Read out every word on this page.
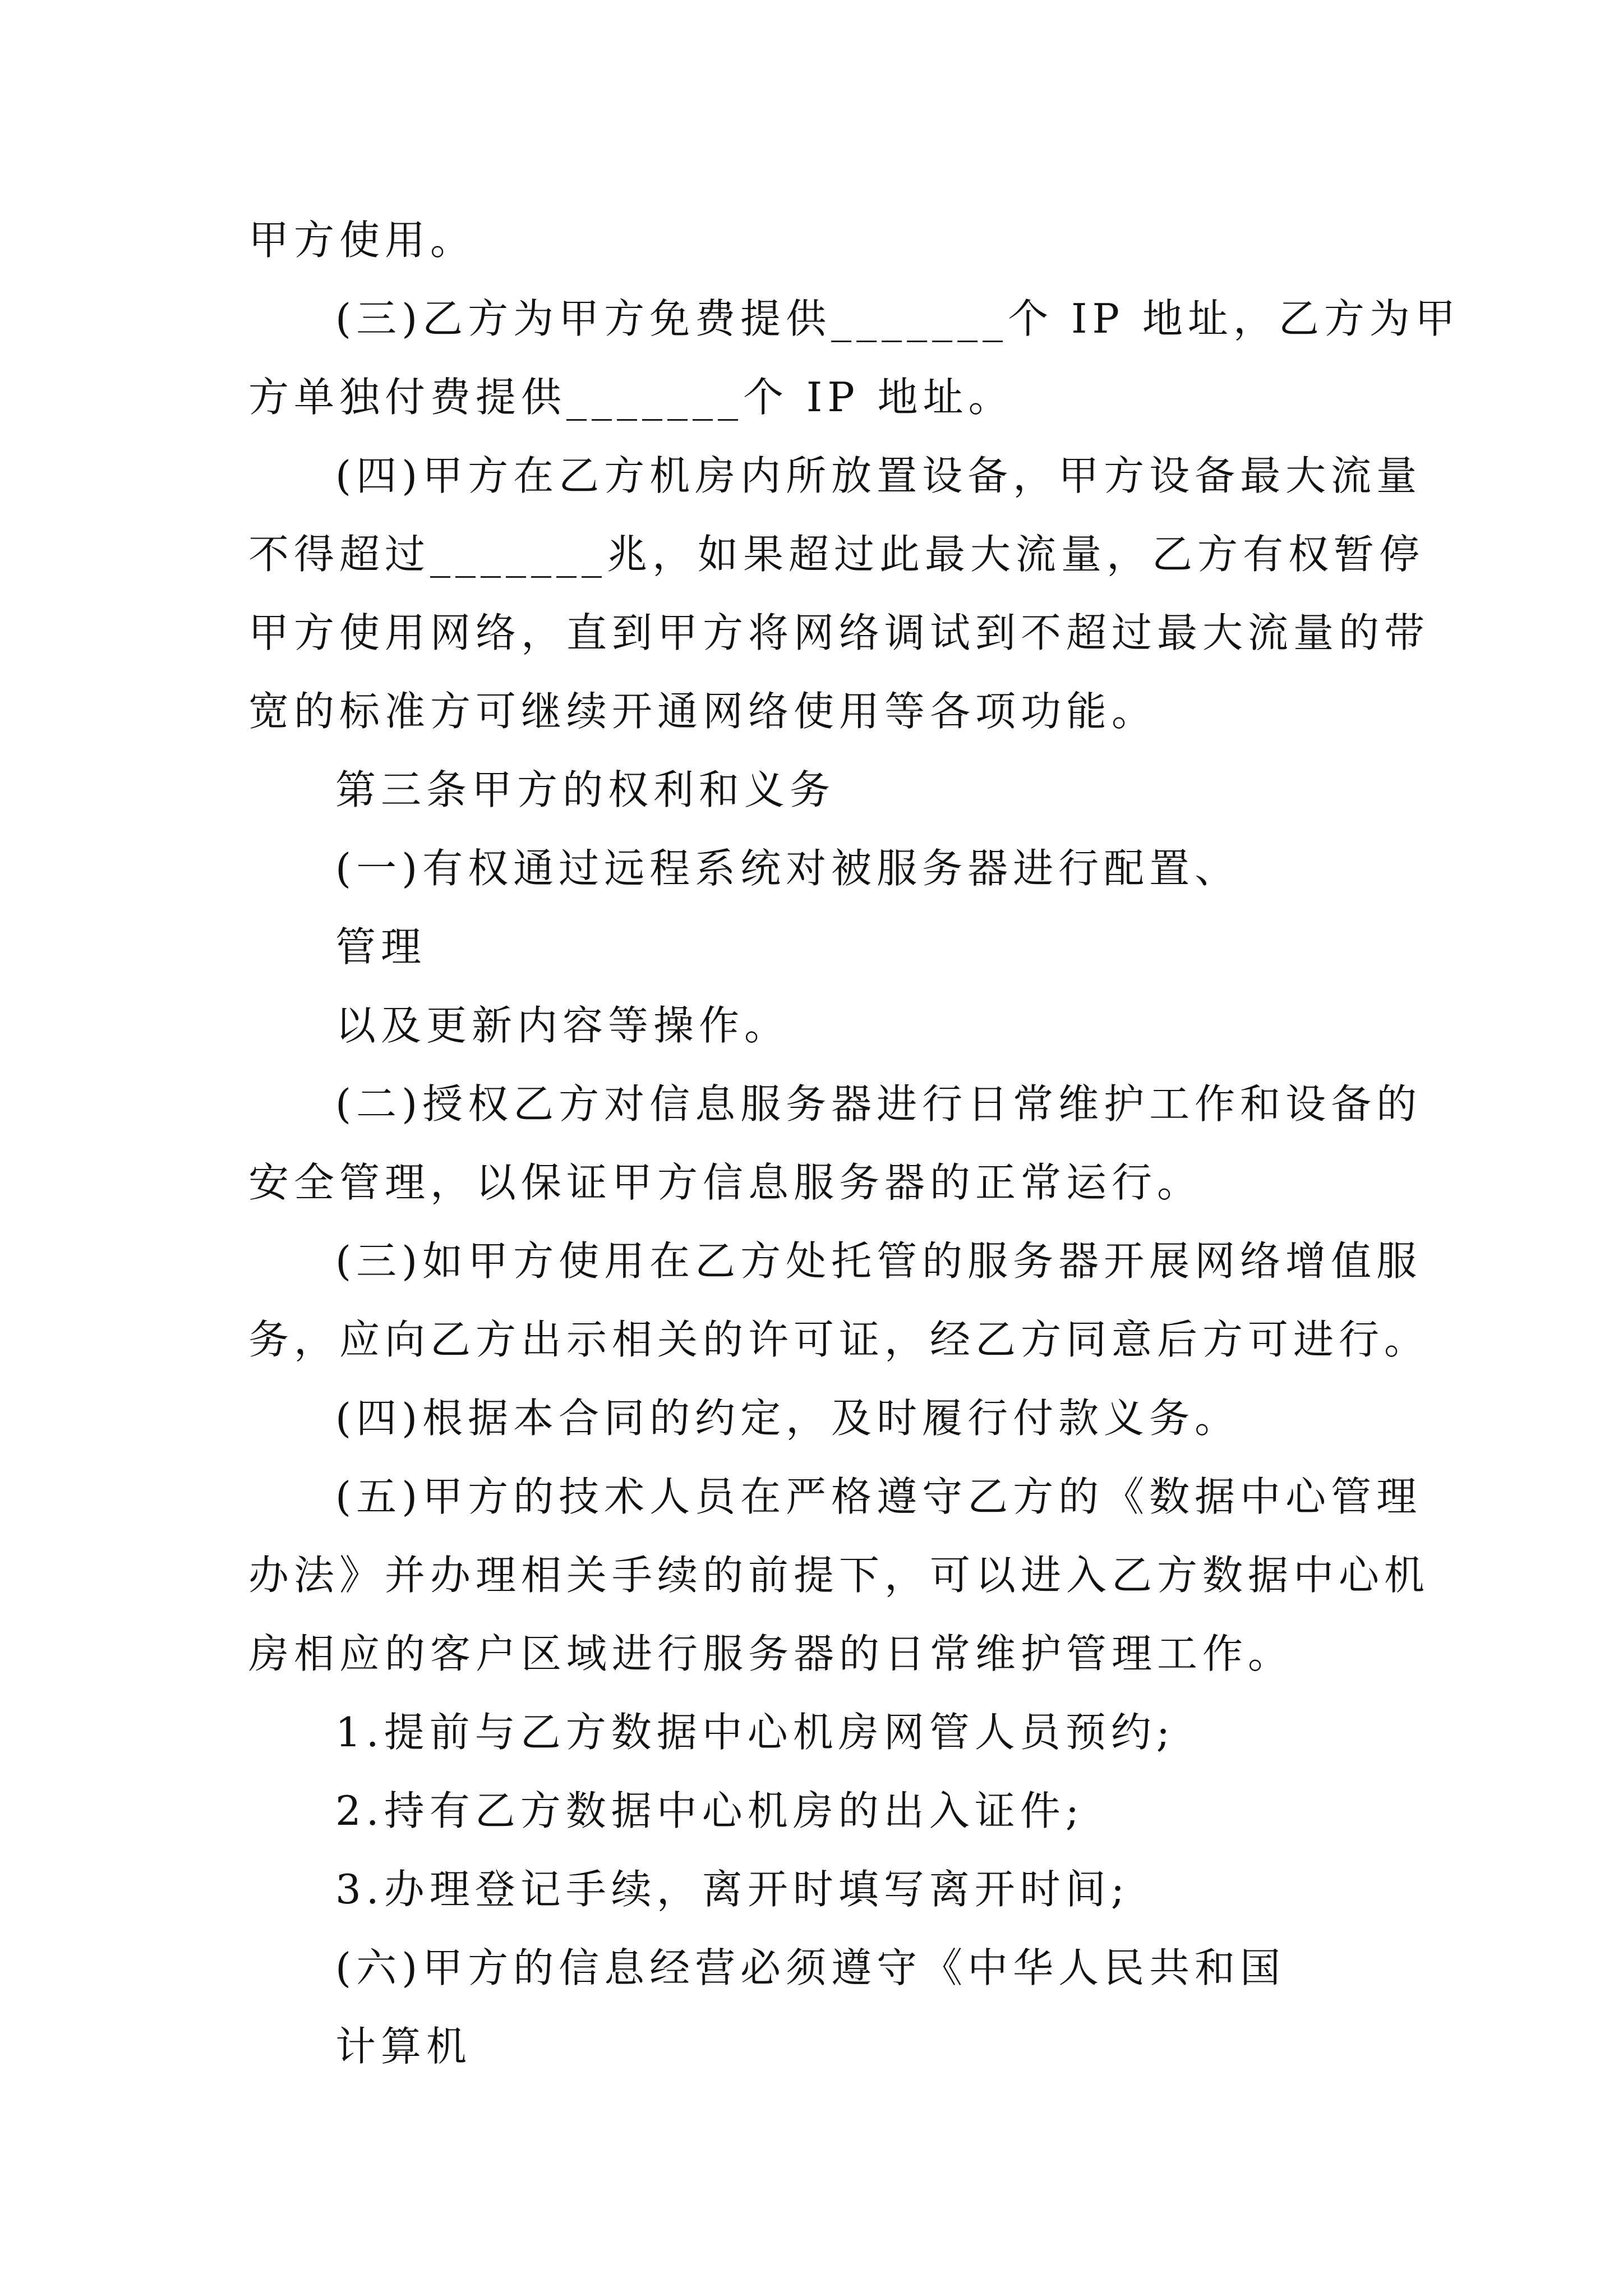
甲方使用。
(三)乙方为甲方免费提供_______个 IP 地址，乙方为甲
方单独付费提供_______个 IP 地址。
(四)甲方在乙方机房内所放置设备，甲方设备最大流量
不得超过_______兆，如果超过此最大流量，乙方有权暂停
甲方使用网络，直到甲方将网络调试到不超过最大流量的带
宽的标准方可继续开通网络使用等各项功能。
第三条甲方的权利和义务
(一)有权通过远程系统对被服务器进行配置、
管理
以及更新内容等操作。
(二)授权乙方对信息服务器进行日常维护工作和设备的
安全管理，以保证甲方信息服务器的正常运行。
(三)如甲方使用在乙方处托管的服务器开展网络增值服
务，应向乙方出示相关的许可证，经乙方同意后方可进行。
(四)根据本合同的约定，及时履行付款义务。
(五)甲方的技术人员在严格遵守乙方的《数据中心管理
办法》并办理相关手续的前提下，可以进入乙方数据中心机
房相应的客户区域进行服务器的日常维护管理工作。
1.提前与乙方数据中心机房网管人员预约;
2.持有乙方数据中心机房的出入证件;
3.办理登记手续，离开时填写离开时间;
(六)甲方的信息经营必须遵守《中华人民共和国
计算机
